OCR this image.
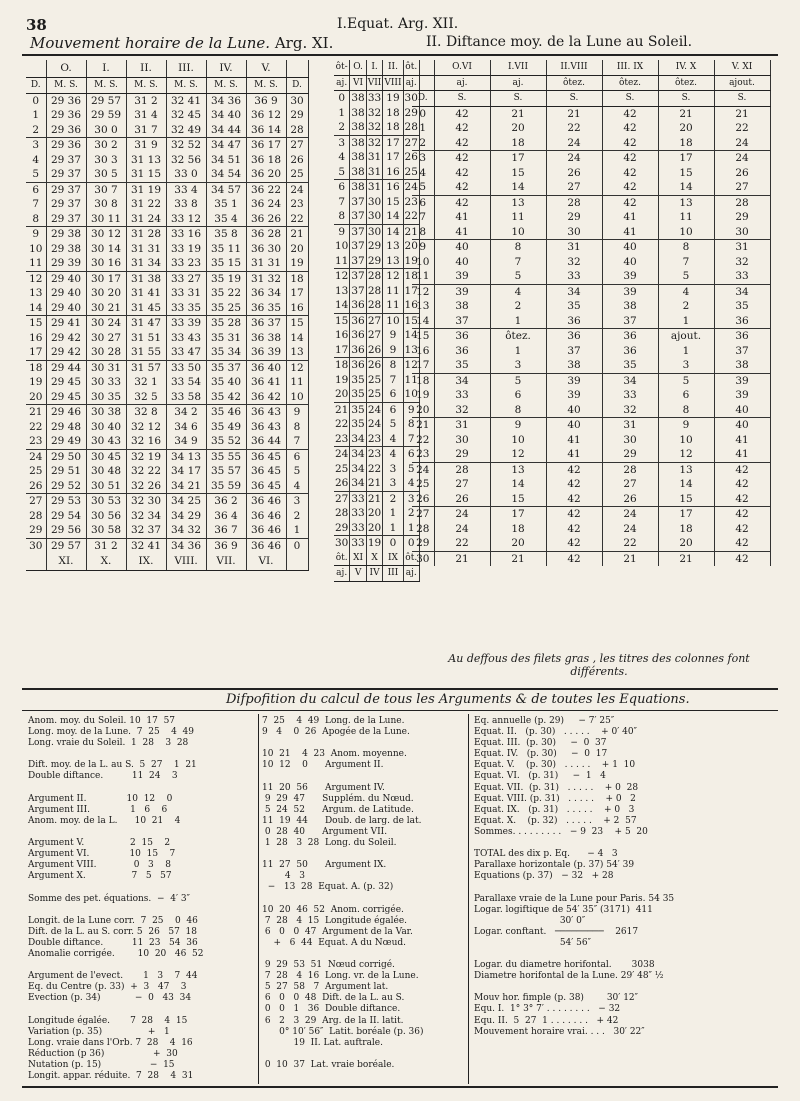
38
Mouvement horaire de la Lune. Arg. XI.
I.Equat. Arg. XII.
II. Diftance moy. de la Lune au Soleil.
	O.	I.	II.	III.	IV.	V.	
D.	M. S.	M. S.	M. S.	M. S.	M. S.	M. S.	D.
0	29 36	29 57	31 2	32 41	34 36	36 9	30
1	29 36	29 59	31 4	32 45	34 40	36 12	29
2	29 36	30 0	31 7	32 49	34 44	36 14	28
3	29 36	30 2	31 9	32 52	34 47	36 17	27
4	29 37	30 3	31 13	32 56	34 51	36 18	26
5	29 37	30 5	31 15	33 0	34 54	36 20	25
6	29 37	30 7	31 19	33 4	34 57	36 22	24
7	29 37	30 8	31 22	33 8	35 1	36 24	23
8	29 37	30 11	31 24	33 12	35 4	36 26	22
9	29 38	30 12	31 28	33 16	35 8	36 28	21
10	29 38	30 14	31 31	33 19	35 11	36 30	20
11	29 39	30 16	31 34	33 23	35 15	31 31	19
12	29 40	30 17	31 38	33 27	35 19	31 32	18
13	29 40	30 20	31 41	33 31	35 22	36 34	17
14	29 40	30 21	31 45	33 35	35 25	36 35	16
15	29 41	30 24	31 47	33 39	35 28	36 37	15
16	29 42	30 27	31 51	33 43	35 31	36 38	14
17	29 42	30 28	31 55	33 47	35 34	36 39	13
18	29 44	30 31	31 57	33 50	35 37	36 40	12
19	29 45	30 33	32 1	33 54	35 40	36 41	11
20	29 45	30 35	32 5	33 58	35 42	36 42	10
21	29 46	30 38	32 8	34 2	35 46	36 43	9
22	29 48	30 40	32 12	34 6	35 49	36 43	8
23	29 49	30 43	32 16	34 9	35 52	36 44	7
24	29 50	30 45	32 19	34 13	35 55	36 45	6
25	29 51	30 48	32 22	34 17	35 57	36 45	5
26	29 52	30 51	32 26	34 21	35 59	36 45	4
27	29 53	30 53	32 30	34 25	36 2	36 46	3
28	29 54	30 56	32 34	34 29	36 4	36 46	2
29	29 56	30 58	32 37	34 32	36 7	36 46	1
30	29 57	31 2	32 41	34 36	36 9	36 46	0
	XI.	X.	IX.	VIII.	VII.	VI.	
ôt-	O.	I.	II.	ôt.
aj.	VI	VII	VIII	aj.
0	38	33	19	30
1	38	32	18	29
2	38	32	18	28
3	38	32	17	27
4	38	31	17	26
5	38	31	16	25
6	38	31	16	24
7	37	30	15	23
8	37	30	14	22
9	37	30	14	21
10	37	29	13	20
11	37	29	13	19
12	37	28	12	18
13	37	28	11	17
14	36	28	11	16
15	36	27	10	15
16	36	27	9	14
17	36	26	9	13
18	36	26	8	12
19	35	25	7	11
20	35	25	6	10
21	35	24	6	9
22	35	24	5	8
23	34	23	4	7
24	34	23	4	6
25	34	22	3	5
26	34	21	3	4
27	33	21	2	3
28	33	20	1	2
29	33	20	1	1
30	33	19	0	0
ôt.	XI	X	IX	ôt.
aj.	V	IV	III	aj.
	O.VI	I.VII	II.VIII	III. IX	IV. X	V. XI
	aj.	aj.	ôtez.	ôtez.	ôtez.	ajout.
D.	S.	S.	S.	S.	S.	S.
0	42	21	21	42	21	21
1	42	20	22	42	20	22
2	42	18	24	42	18	24
3	42	17	24	42	17	24
4	42	15	26	42	15	26
5	42	14	27	42	14	27
6	42	13	28	42	13	28
7	41	11	29	41	11	29
8	41	10	30	41	10	30
9	40	8	31	40	8	31
10	40	7	32	40	7	32
11	39	5	33	39	5	33
12	39	4	34	39	4	34
13	38	2	35	38	2	35
14	37	1	36	37	1	36
15	36	ôtez.	36	36	ajout.	36
16	36	1	37	36	1	37
17	35	3	38	35	3	38
18	34	5	39	34	5	39
19	33	6	39	33	6	39
20	32	8	40	32	8	40
21	31	9	40	31	9	40
22	30	10	41	30	10	41
23	29	12	41	29	12	41
24	28	13	42	28	13	42
25	27	14	42	27	14	42
26	26	15	42	26	15	42
27	24	17	42	24	17	42
28	24	18	42	24	18	42
29	22	20	42	22	20	42
30	21	21	42	21	21	42
Au deffous des filets gras , les titres des colonnes font différents.
Difpofition du calcul de tous les Arguments & de toutes les Equations.
Anom. moy. du Soleil. 10  17  57
Long. moy. de la Lune.  7  25    4  49
Long. vraie du Soleil.  1  28    3  28
Dift. moy. de la L. au S.  5  27    1  21
Double diftance.          11  24    3
Argument II.              10  12    0
Argument III.              1   6    6
Anom. moy. de la L.      10  21    4
Argument V.                2  15    2
Argument VI.              10  15    7
Argument VIII.             0   3    8
Argument X.                7   5   57
Somme des pet. équations.  −  4′ 3″
Longit. de la Lune corr.  7  25    0  46
Dift. de la L. au S. corr. 5  26   57  18
Double diftance.          11  23   54  36
Anomalie corrigée.        10  20   46  52
Argument de l'evect.       1   3    7  44
Eq. du Centre (p. 33)  +  3   47    3
Evection (p. 34)            −  0   43  34
Longitude égalée.       7  28    4  15
Variation (p. 35)                +   1
Long. vraie dans l'Orb. 7  28    4  16
Réduction (p 36)                 +  30
Nutation (p. 15)                 −  15
Longit. appar. réduite.  7  28    4  31
7  25    4  49  Long. de la Lune.
9   4    0  26  Apogée de la Lune.
10  21    4  23  Anom. moyenne.
10  12    0      Argument II.
11  20  56      Argument IV.
9  29  47      Supplém. du Nœud.
5  24  52      Argum. de Latitude.
11  19  44      Doub. de larg. de lat.
0  28  40      Argument VII.
1  28   3  28  Long. du Soleil.
11  27  50      Argument IX.
4   3
−   13  28  Equat. A. (p. 32)
10  20  46  52  Anom. corrigée.
7  28   4  15  Longitude égalée.
6   0   0  47  Argument de la Var.
+   6  44  Equat. A du Nœud.
9  29  53  51  Nœud corrigé.
7  28   4  16  Long. vr. de la Lune.
5  27  58   7  Argument lat.
6   0   0  48  Dift. de la L. au S.
0   0   1   36  Double diftance.
6   2   3  29  Arg. de la II. latit.
0° 10′ 56″  Latit. boréale (p. 36)
19  II. Lat. auftrale.
0  10  37  Lat. vraie boréale.
Eq. annuelle (p. 29)     − 7′ 25″
Equat. II.   (p. 30)   . . . . .    + 0′ 40″
Equat. III.  (p. 30)     −  0  37
Equat. IV.   (p. 30)     −  0  17
Equat. V.    (p. 30)   . . . . .    + 1  10
Equat. VI.   (p. 31)     −  1   4
Equat. VII.  (p. 31)   . . . . .    + 0  28
Equat. VIII. (p. 31)   . . . . .    + 0   2
Equat. IX.   (p. 31)   . . . . .    + 0   3
Equat. X.    (p. 32)   . . . . .    + 2  57
Sommes. . . . . . . . .   − 9  23    + 5  20
TOTAL des dix p. Eq.      − 4   3
Parallaxe horizontale (p. 37) 54′ 39
Equations (p. 37)   − 32   + 28
Parallaxe vraie de la Lune pour Paris. 54 35
Logar. logiftique de 54′ 35″ (3171)  411
30′ 0″
Logar. conftant.   ─────────    2617
54′ 56″
Logar. du diametre horifontal.       3038
Diametre horifontal de la Lune. 29′ 48″ ½
Mouv hor. fimple (p. 38)        30′ 12″
Equ. I.  1° 3° 7′ . . . . . . . .   − 32
Equ. II.  5  27  1 . . . . . . .   + 42
Mouvement horaire vrai. . . .   30′ 22″
